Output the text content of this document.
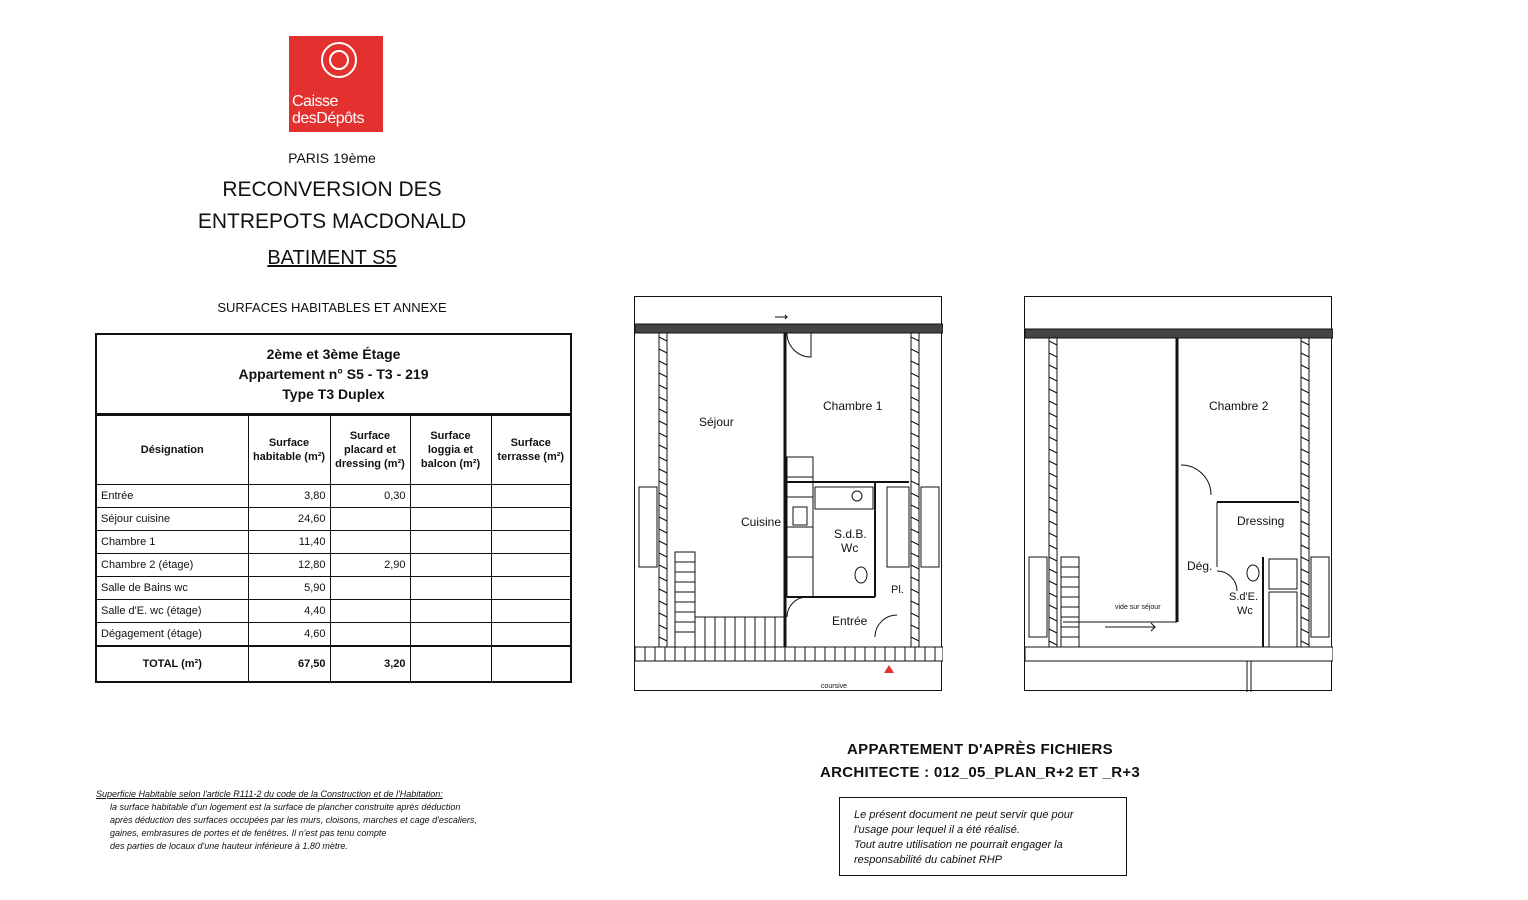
Caisse
desDépôts
PARIS 19ème
RECONVERSION DES
ENTREPOTS MACDONALD
BATIMENT S5
SURFACES HABITABLES ET ANNEXE
2ème et 3ème Étage
Appartement n° S5 - T3 - 219
Type T3 Duplex
Désignation	Surface habitable (m²)	Surface placard et dressing (m²)	Surface loggia et balcon (m²)	Surface terrasse (m²)
Entrée	3,80	0,30		
Séjour cuisine	24,60			
Chambre 1	11,40			
Chambre 2 (étage)	12,80	2,90		
Salle de Bains wc	5,90			
Salle d'E. wc (étage)	4,40			
Dégagement (étage)	4,60			
TOTAL (m²)	67,50	3,20		
Superficie Habitable selon l'article R111-2 du code de la Construction et de l'Habitation:
la surface habitable d'un logement est la surface de plancher construite après déduction
après déduction des surfaces occupées par les murs, cloisons, marches et cage d'escaliers,
gaines, embrasures de portes et de fenêtres. Il n'est pas tenu compte
des parties de locaux d'une hauteur inférieure à 1.80 mètre.
Séjour
Chambre 1
Cuisine
S.d.B.
Wc
Pl.
Entrée
coursive
Chambre 2
Dressing
Dég.
S.d'E.
Wc
vide sur séjour
APPARTEMENT D'APRÈS FICHIERS
ARCHITECTE : 012_05_PLAN_R+2 ET _R+3
Le présent document ne peut servir que pour
l'usage pour lequel il a été réalisé.
Tout autre utilisation ne pourrait engager la
responsabilité du cabinet RHP
